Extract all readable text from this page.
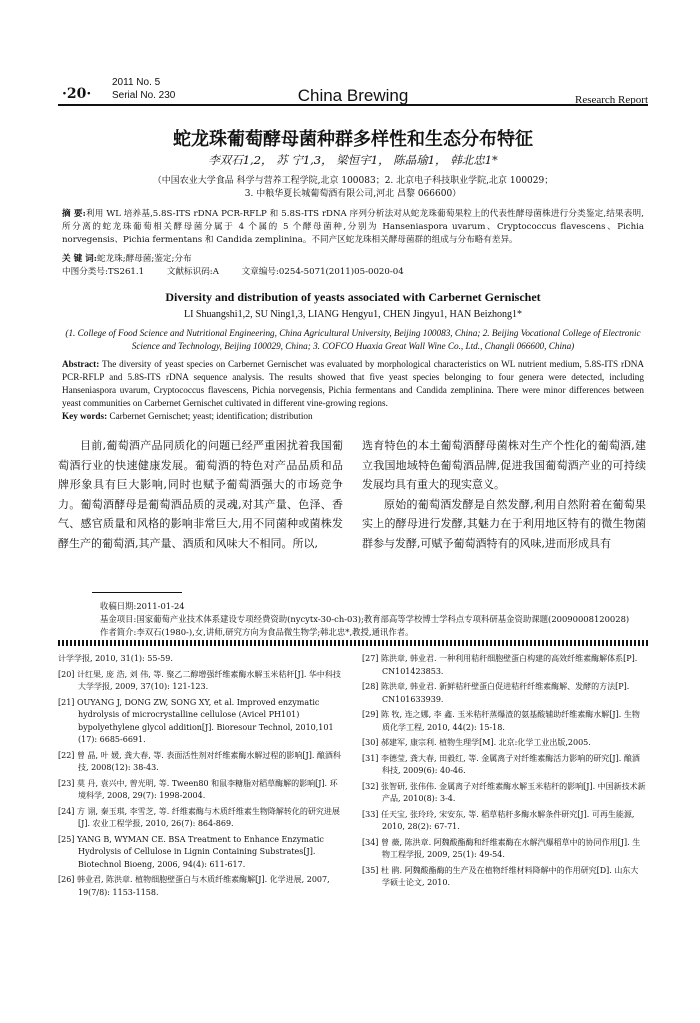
·20·
2011 No. 5
Serial No. 230	China Brewing	Research Report
蛇龙珠葡萄酵母菌种群多样性和生态分布特征
李双石1,2， 苏 宁1,3， 梁恒宇1， 陈晶瑜1， 韩北忠1*
（中国农业大学食品 科学与营养工程学院,北京 100083；2. 北京电子科技职业学院,北京 100029；
3. 中粮华夏长城葡萄酒有限公司,河北 昌黎 066600）
摘 要:利用 WL 培养基,5.8S-ITS rDNA PCR-RFLP 和 5.8S-ITS rDNA 序列分析法对从蛇龙珠葡萄果粒上的代表性酵母菌株进行分类鉴定,结果表明,所分离的蛇龙珠葡萄相关酵母菌分属于 4 个属的 5 个酵母菌种,分别为 Hanseniaspora uvarum、Cryptococcus flavescens、Pichia norvegensis、Pichia fermentans 和 Candida zemplinina。不同产区蛇龙珠相关酵母菌群的组成与分布略有差异。
关 键 词:蛇龙珠;酵母菌;鉴定;分布
中图分类号:TS261.1	文献标识码:A	文章编号:0254-5071(2011)05-0020-04
Diversity and distribution of yeasts associated with Carbernet Gernischet
LI Shuangshi1,2, SU Ning1,3, LIANG Hengyu1, CHEN Jingyu1, HAN Beizhong1*
(1. College of Food Science and Nutritional Engineering, China Agricultural University, Beijing 100083, China; 2. Beijing Vocational College of Electronic Science and Technology, Beijing 100029, China; 3. COFCO Huaxia Great Wall Wine Co., Ltd., Changli 066600, China)
Abstract: The diversity of yeast species on Carbernet Gernischet was evaluated by morphological characteristics on WL nutrient medium, 5.8S-ITS rDNA PCR-RFLP and 5.8S-ITS rDNA sequence analysis. The results showed that five yeast species belonging to four genera were detected, including Hanseniaspora uvarum, Cryptococcus flavescens, Pichia norvegensis, Pichia fermentans and Candida zemplinina. There were minor differences between yeast communities on Carbernet Gernischet cultivated in different vine-growing regions.
Key words: Carbernet Gernischet; yeast; identification; distribution

目前,葡萄酒产品同质化的问题已经严重困扰着我国葡萄酒行业的快速健康发展。葡萄酒的特色对产品品质和品牌形象具有巨大影响,同时也赋予葡萄酒强大的市场竞争力。葡萄酒酵母是葡萄酒品质的灵魂,对其产量、色泽、香气、感官质量和风格的影响非常巨大,用不同菌种或菌株发酵生产的葡萄酒,其产量、酒质和风味大不相同。所以,

选育特色的本土葡萄酒酵母菌株对生产个性化的葡萄酒,建立我国地域特色葡萄酒品牌,促进我国葡萄酒产业的可持续发展均具有重大的现实意义。

原始的葡萄酒发酵是自然发酵,利用自然附着在葡萄果实上的酵母进行发酵,其魅力在于利用地区特有的微生物菌群参与发酵,可赋予葡萄酒特有的风味,进而形成具有

收稿日期:2011-01-24
基金项目:国家葡萄产业技术体系建设专项经费资助(nycytx-30-ch-03);教育部高等学校博士学科点专项科研基金资助课题(20090008120028)
作者简介:李双石(1980-),女,讲师,研究方向为食品微生物学;韩北忠*,教授,通讯作者。
计学学报, 2010, 31(1): 55-59.
[20] 计红果, 庞 浩, 刘 伟, 等. 聚乙二醇增强纤维素酶水解玉米秸秆[J]. 华中科技大学学报, 2009, 37(10): 121-123.
[21] OUYANG J, DONG ZW, SONG XY, et al. Improved enzymatic hydrolysis of microcrystalline cellulose (Avicel PH101) bypolyethylene glycol addition[J]. Bioresour Technol, 2010,101 (17): 6685-6691.
[22] 曾 晶, 叶 媛, 龚大春, 等. 表面活性剂对纤维素酶水解过程的影响[J]. 酿酒科技, 2008(12): 38-43.
[23] 莫 丹, 袁兴中, 曾光明, 等. Tween80 和鼠李糖脂对稻草酶解的影响[J]. 环境科学, 2008, 29(7): 1998-2004.
[24] 方 诩, 秦玉琪, 李雪芝, 等. 纤维素酶与木质纤维素生物降解转化的研究进展[J]. 农业工程学报, 2010, 26(7): 864-869.
[25] YANG B, WYMAN CE. BSA Treatment to Enhance Enzymatic Hydrolysis of Cellulose in Lignin Containing Substrates[J]. Biotechnol Bioeng, 2006, 94(4): 611-617.
[26] 韩业君, 陈洪章. 植物细胞壁蛋白与木质纤维素酶解[J]. 化学进展, 2007, 19(7/8): 1153-1158.
[27] 陈洪章, 韩业君. 一种利用秸秆细胞壁蛋白构建的高效纤维素酶解体系[P]. CN101423853.
[28] 陈洪章, 韩业君. 新鲜秸秆壁蛋白促进秸秆纤维素酶解、发酵的方法[P]. CN101633939.
[29] 陈 牧, 连之娜, 李 鑫. 玉米秸秆蒸爆渣的氨基酸辅助纤维素酶水解[J]. 生物质化学工程, 2010, 44(2): 15-18.
[30] 郝建军, 康宗利. 植物生理学[M]. 北京:化学工业出版,2005.
[31] 李德莹, 龚大春, 田毅红, 等. 金属离子对纤维素酶活力影响的研究[J]. 酿酒科技, 2009(6): 40-46.
[32] 张智研, 张伟伟. 金属离子对纤维素酶水解玉米秸秆的影响[J]. 中国新技术新产品, 2010(8): 3-4.
[33] 任天宝, 张玲玲, 宋安东, 等. 稻草秸秆多酶水解条件研究[J]. 可再生能源, 2010, 28(2): 67-71.
[34] 曾 薇, 陈洪章. 阿魏酸酯酶和纤维素酶在水解汽爆稻草中的协同作用[J]. 生物工程学报, 2009, 25(1): 49-54.
[35] 杜 鹃. 阿魏酸酯酶的生产及在植物纤维材料降解中的作用研究[D]. 山东大学硕士论文, 2010.
